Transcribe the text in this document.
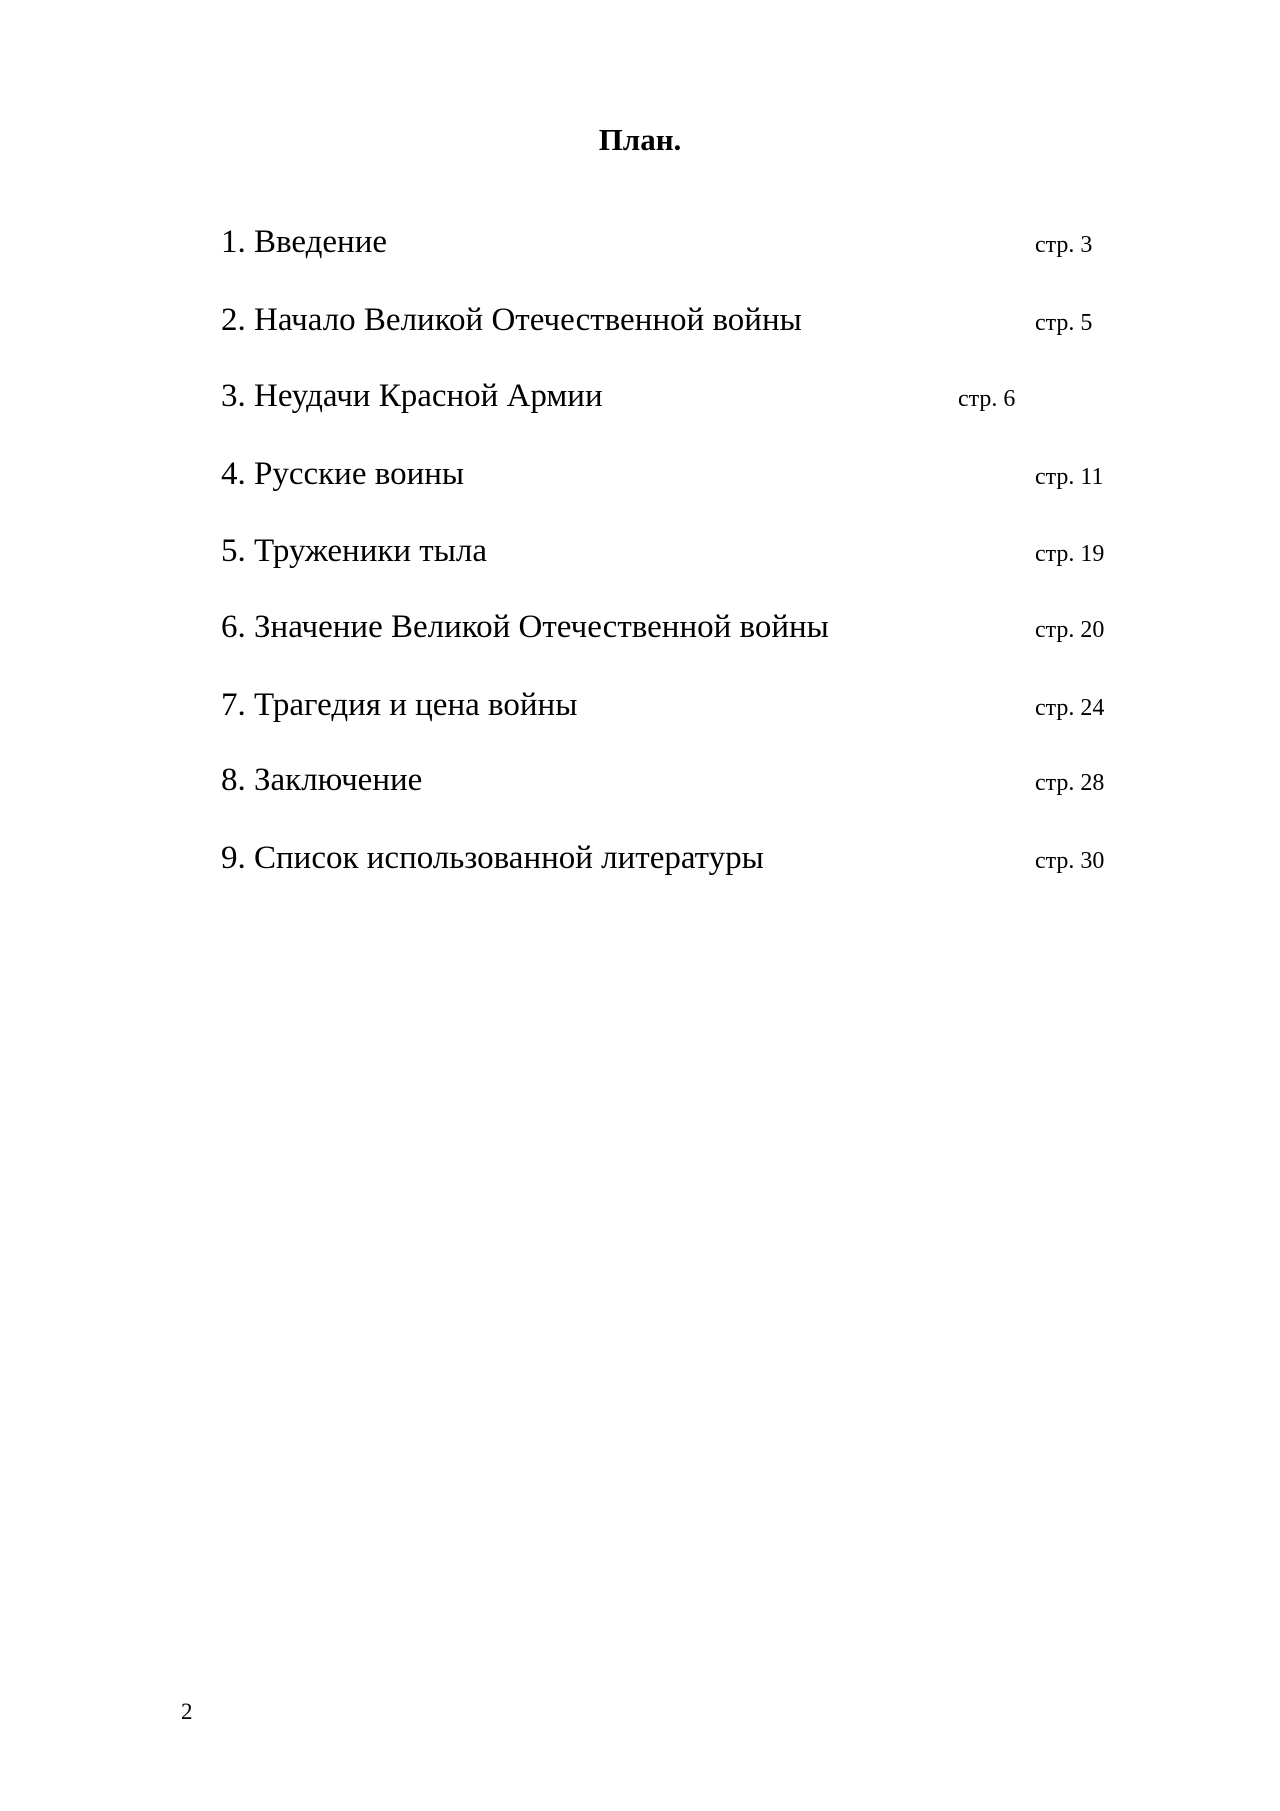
План.
1. Введение	стр. 3
2. Начало Великой Отечественной войны	стр. 5
3. Неудачи Красной Армии	стр. 6
4. Русские воины	стр. 11
5. Труженики тыла	стр. 19
6. Значение Великой Отечественной войны	стр. 20
7. Трагедия и цена войны	стр. 24
8. Заключение	стр. 28
9. Список использованной литературы	стр. 30
2
